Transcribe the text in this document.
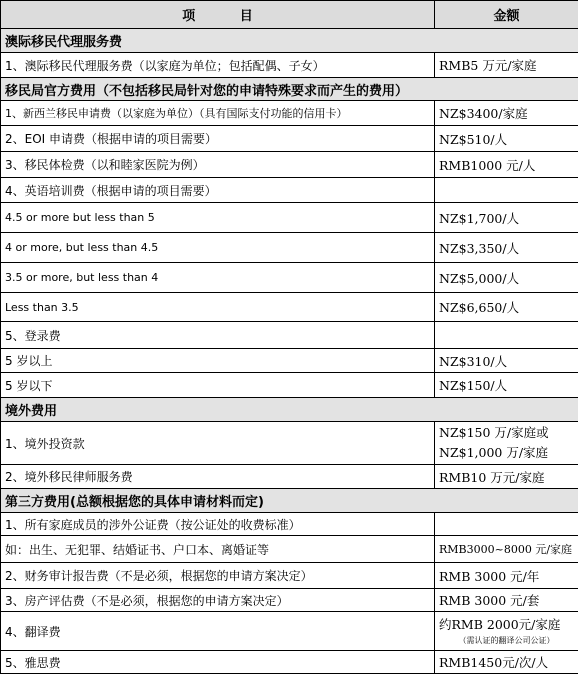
项 目	金额
澳际移民代理服务费	
1、澳际移民代理服务费（以家庭为单位；包括配偶、子女）	RMB5 万元/家庭
移民局官方费用（不包括移民局针对您的申请特殊要求而产生的费用）	
1、新西兰移民申请费（以家庭为单位）（具有国际支付功能的信用卡）	NZ$3400/家庭
2、EOI 申请费（根据申请的项目需要）	NZ$510/人
3、移民体检费（以和睦家医院为例）	RMB1000 元/人
4、英语培训费（根据申请的项目需要）	
4.5 or more but less than 5	NZ$1,700/人
4 or more, but less than 4.5	NZ$3,350/人
3.5 or more, but less than 4	NZ$5,000/人
Less than 3.5	NZ$6,650/人
5、登录费	
5 岁以上	NZ$310/人
5 岁以下	NZ$150/人
境外费用	
1、境外投资款	NZ$150 万/家庭或
NZ$1,000 万/家庭

2、境外移民律师服务费	RMB10 万元/家庭
第三方费用(总额根据您的具体申请材料而定)	
1、所有家庭成员的涉外公证费（按公证处的收费标准）	
如：出生、无犯罪、结婚证书、户口本、离婚证等	RMB3000~8000 元/家庭
2、财务审计报告费（不是必须，根据您的申请方案决定）	RMB 3000 元/年
3、房产评估费（不是必须，根据您的申请方案决定）	RMB 3000 元/套
4、翻译费	约RMB 2000元/家庭
（需认证的翻译公司公证）

5、雅思费	RMB1450元/次/人
